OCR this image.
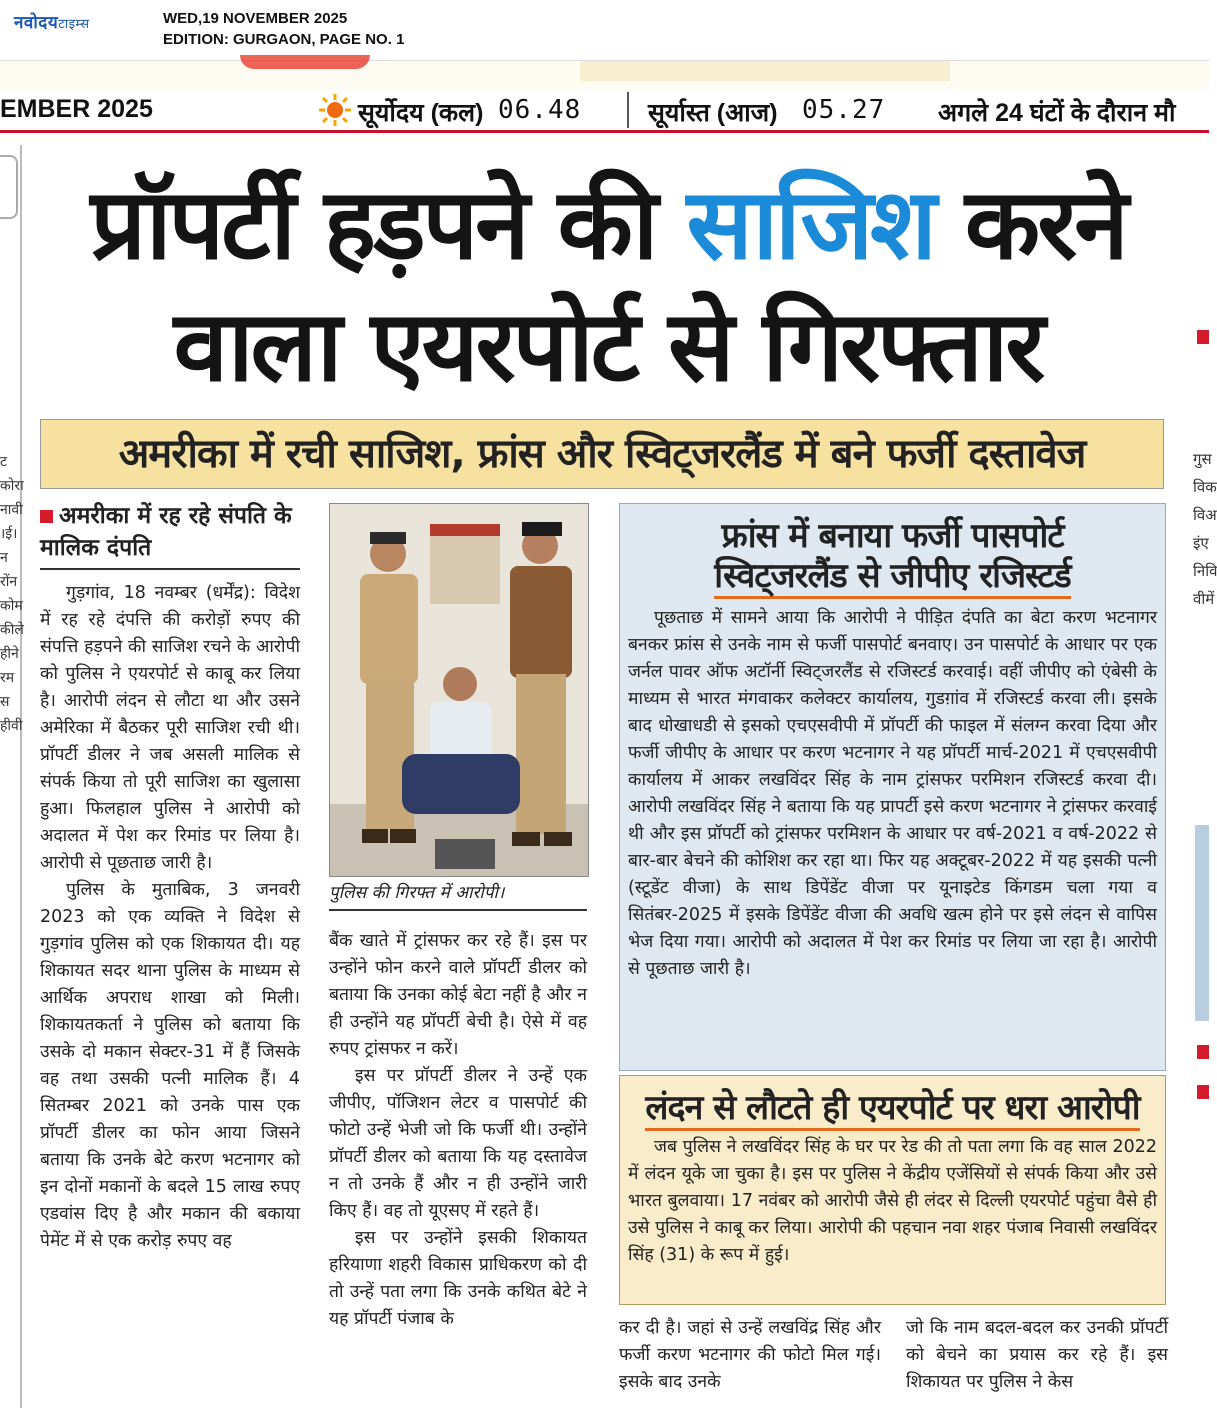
नवोदयटाइम्स	WED,19 NOVEMBER 2025
EDITION: GURGAON, PAGE NO. 1
EMBER 2025	सूर्योदय (कल) 06.48	सूर्यास्त (आज) 05.27 अगले 24 घंटों के दौरान मौ
टकोरानावी।ई।नरोंनकोमकीलेहीनेरमसहीवी
गुसविकविअइंएनिविवीमें
प्रॉपर्टी हड़पने की साजिश करने
वाला एयरपोर्ट से गिरफ्तार
अमरीका में रची साजिश, फ्रांस और स्विट्जरलैंड में बने फर्जी दस्तावेज
अमरीका में रह रहे संपति के मालिक दंपति

गुड़गांव, 18 नवम्बर (धर्मेंद्र): विदेश में रह रहे दंपत्ति की करोड़ों रुपए की संपत्ति हड़पने की साजिश रचने के आरोपी को पुलिस ने एयरपोर्ट से काबू कर लिया है। आरोपी लंदन से लौटा था और उसने अमेरिका में बैठकर पूरी साजिश रची थी। प्रॉपर्टी डीलर ने जब असली मालिक से संपर्क किया तो पूरी साजिश का खुलासा हुआ। फिलहाल पुलिस ने आरोपी को अदालत में पेश कर रिमांड पर लिया है। आरोपी से पूछताछ जारी है।

पुलिस के मुताबिक, 3 जनवरी 2023 को एक व्यक्ति ने विदेश से गुड़गांव पुलिस को एक शिकायत दी। यह शिकायत सदर थाना पुलिस के माध्यम से आर्थिक अपराध शाखा को मिली। शिकायतकर्ता ने पुलिस को बताया कि उसके दो मकान सेक्टर-31 में हैं जिसके वह तथा उसकी पत्नी मालिक हैं। 4 सितम्बर 2021 को उनके पास एक प्रॉपर्टी डीलर का फोन आया जिसने बताया कि उनके बेटे करण भटनागर को इन दोनों मकानों के बदले 15 लाख रुपए एडवांस दिए है और मकान की बकाया पेमेंट में से एक करोड़ रुपए वह

पुलिस की गिरफ्त में आरोपी।

बैंक खाते में ट्रांसफर कर रहे हैं। इस पर उन्होंने फोन करने वाले प्रॉपर्टी डीलर को बताया कि उनका कोई बेटा नहीं है और न ही उन्होंने यह प्रॉपर्टी बेची है। ऐसे में वह रुपए ट्रांसफर न करें।

इस पर प्रॉपर्टी डीलर ने उन्हें एक जीपीए, पॉजिशन लेटर व पासपोर्ट की फोटो उन्हें भेजी जो कि फर्जी थी। उन्होंने प्रॉपर्टी डीलर को बताया कि यह दस्तावेज न तो उनके हैं और न ही उन्होंने जारी किए हैं। वह तो यूएसए में रहते हैं।

इस पर उन्होंने इसकी शिकायत हरियाणा शहरी विकास प्राधिकरण को दी तो उन्हें पता लगा कि उनके कथित बेटे ने यह प्रॉपर्टी पंजाब के

फ्रांस में बनाया फर्जी पासपोर्ट
स्विट्जरलैंड से जीपीए रजिस्टर्ड

पूछताछ में सामने आया कि आरोपी ने पीड़ित दंपति का बेटा करण भटनागर बनकर फ्रांस से उनके नाम से फर्जी पासपोर्ट बनवाए। उन पासपोर्ट के आधार पर एक जर्नल पावर ऑफ अटॉर्नी स्विट्जरलैंड से रजिस्टर्ड करवाई। वहीं जीपीए को एंबेसी के माध्यम से भारत मंगवाकर कलेक्टर कार्यालय, गुडग़ांव में रजिस्टर्ड करवा ली। इसके बाद धोखाधडी से इसको एचएसवीपी में प्रॉपर्टी की फाइल में संलग्न करवा दिया और फर्जी जीपीए के आधार पर करण भटनागर ने यह प्रॉपर्टी मार्च-2021 में एचएसवीपी कार्यालय में आकर लखविंदर सिंह के नाम ट्रांसफर परमिशन रजिस्टर्ड करवा दी। आरोपी लखविंदर सिंह ने बताया कि यह प्रापर्टी इसे करण भटनागर ने ट्रांसफर करवाई थी और इस प्रॉपर्टी को ट्रांसफर परमिशन के आधार पर वर्ष-2021 व वर्ष-2022 से बार-बार बेचने की कोशिश कर रहा था। फिर यह अक्टूबर-2022 में यह इसकी पत्नी (स्टूडेंट वीजा) के साथ डिपेंडेंट वीजा पर यूनाइटेड किंगडम चला गया व सितंबर-2025 में इसके डिपेंडेंट वीजा की अवधि खत्म होने पर इसे लंदन से वापिस भेज दिया गया। आरोपी को अदालत में पेश कर रिमांड पर लिया जा रहा है। आरोपी से पूछताछ जारी है।

लंदन से लौटते ही एयरपोर्ट पर धरा आरोपी

जब पुलिस ने लखविंदर सिंह के घर पर रेड की तो पता लगा कि वह साल 2022 में लंदन यूके जा चुका है। इस पर पुलिस ने केंद्रीय एजेंसियों से संपर्क किया और उसे भारत बुलवाया। 17 नवंबर को आरोपी जैसे ही लंदर से दिल्ली एयरपोर्ट पहुंचा वैसे ही उसे पुलिस ने काबू कर लिया। आरोपी की पहचान नवा शहर पंजाब निवासी लखविंदर सिंह (31) के रूप में हुई।

कर दी है। जहां से उन्हें लखविंद्र सिंह और फर्जी करण भटनागर की फोटो मिल गई। इसके बाद उनके

जो कि नाम बदल-बदल कर उनकी प्रॉपर्टी को बेचने का प्रयास कर रहे हैं। इस शिकायत पर पुलिस ने केस
